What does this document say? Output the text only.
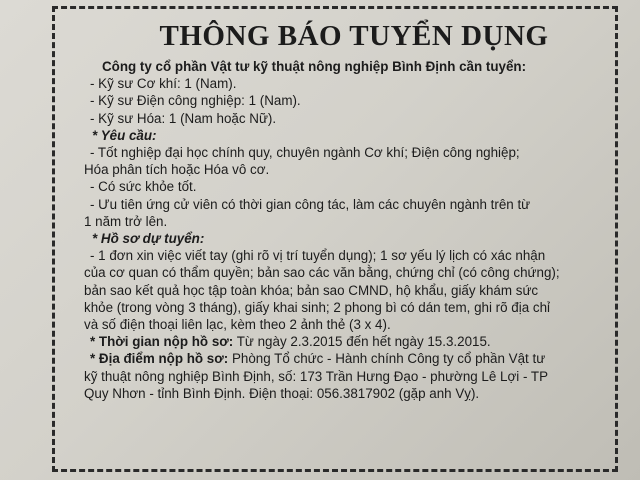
THÔNG BÁO TUYỂN DỤNG
Công ty cổ phần Vật tư kỹ thuật nông nghiệp Bình Định cần tuyển:
- Kỹ sư Cơ khí: 1 (Nam).
- Kỹ sư Điện công nghiệp: 1 (Nam).
- Kỹ sư Hóa: 1 (Nam hoặc Nữ).
* Yêu cầu:
- Tốt nghiệp đại học chính quy, chuyên ngành Cơ khí; Điện công nghiệp;
Hóa phân tích hoặc Hóa vô cơ.
- Có sức khỏe tốt.
- Ưu tiên ứng cử viên có thời gian công tác, làm các chuyên ngành trên từ
1 năm trở lên.
* Hồ sơ dự tuyển:
- 1 đơn xin việc viết tay (ghi rõ vị trí tuyển dụng); 1 sơ yếu lý lịch có xác nhận
của cơ quan có thẩm quyền; bản sao các văn bằng, chứng chỉ (có công chứng);
bản sao kết quả học tập toàn khóa; bản sao CMND, hộ khẩu, giấy khám sức
khỏe (trong vòng 3 tháng), giấy khai sinh; 2 phong bì có dán tem, ghi rõ địa chỉ
và số điện thoại liên lạc, kèm theo 2 ảnh thẻ (3 x 4).
* Thời gian nộp hồ sơ: Từ ngày 2.3.2015 đến hết ngày 15.3.2015.
* Địa điểm nộp hồ sơ: Phòng Tổ chức - Hành chính Công ty cổ phần Vật tư
kỹ thuật nông nghiệp Bình Định, số: 173 Trần Hưng Đạo - phường Lê Lợi - TP
Quy Nhơn - tỉnh Bình Định. Điện thoại: 056.3817902 (gặp anh Vỵ).
